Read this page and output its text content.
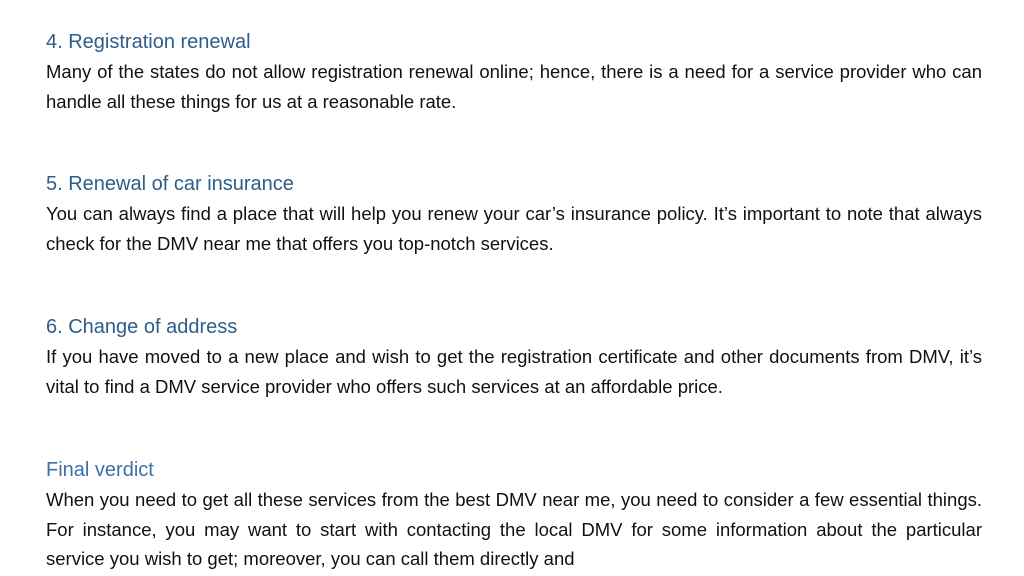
4. Registration renewal

Many of the states do not allow registration renewal online; hence, there is a need for a service provider who can handle all these things for us at a reasonable rate.

5. Renewal of car insurance

You can always find a place that will help you renew your car’s insurance policy. It’s important to note that always check for the DMV near me that offers you top-notch services.

6. Change of address

If you have moved to a new place and wish to get the registration certificate and other documents from DMV, it’s vital to find a DMV service provider who offers such services at an affordable price.

Final verdict

When you need to get all these services from the best DMV near me, you need to consider a few essential things. For instance, you may want to start with contacting the local DMV for some information about the particular service you wish to get; moreover, you can call them directly and
